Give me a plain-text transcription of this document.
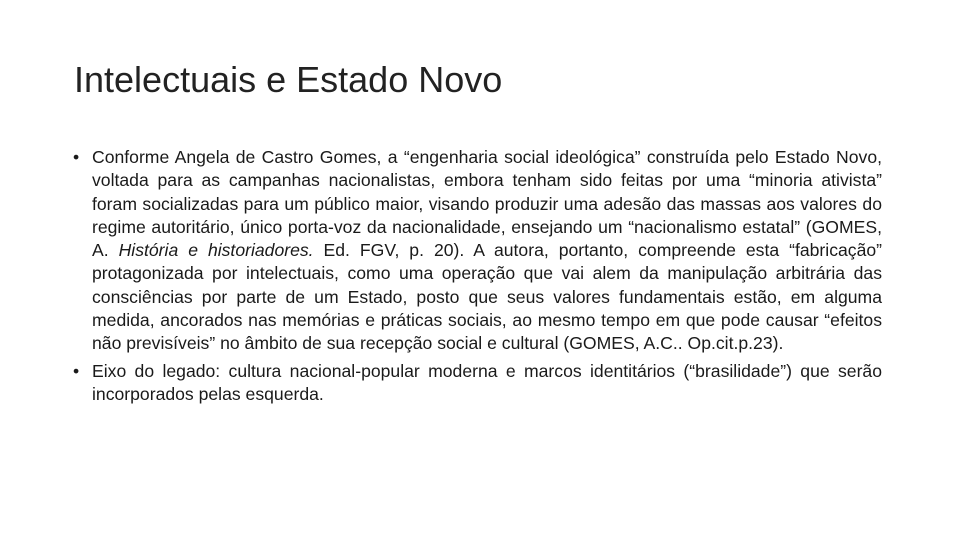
Intelectuais e Estado Novo
• Conforme Angela de Castro Gomes, a “engenharia social ideológica” construída pelo Estado Novo, voltada para as campanhas nacionalistas, embora tenham sido feitas por uma “minoria ativista” foram socializadas para um público maior, visando produzir uma adesão das massas aos valores do regime autoritário, único porta-voz da nacionalidade, ensejando um “nacionalismo estatal” (GOMES, A. História e historiadores. Ed. FGV, p. 20). A autora, portanto, compreende esta “fabricação” protagonizada por intelectuais, como uma operação que vai alem da manipulação arbitrária das consciências por parte de um Estado, posto que seus valores fundamentais estão, em alguma medida, ancorados nas memórias e práticas sociais, ao mesmo tempo em que pode causar “efeitos não previsíveis” no âmbito de sua recepção social e cultural (GOMES, A.C.. Op.cit.p.23).
• Eixo do legado: cultura nacional-popular moderna e marcos identitários (“brasilidade”) que serão incorporados pelas esquerda.
